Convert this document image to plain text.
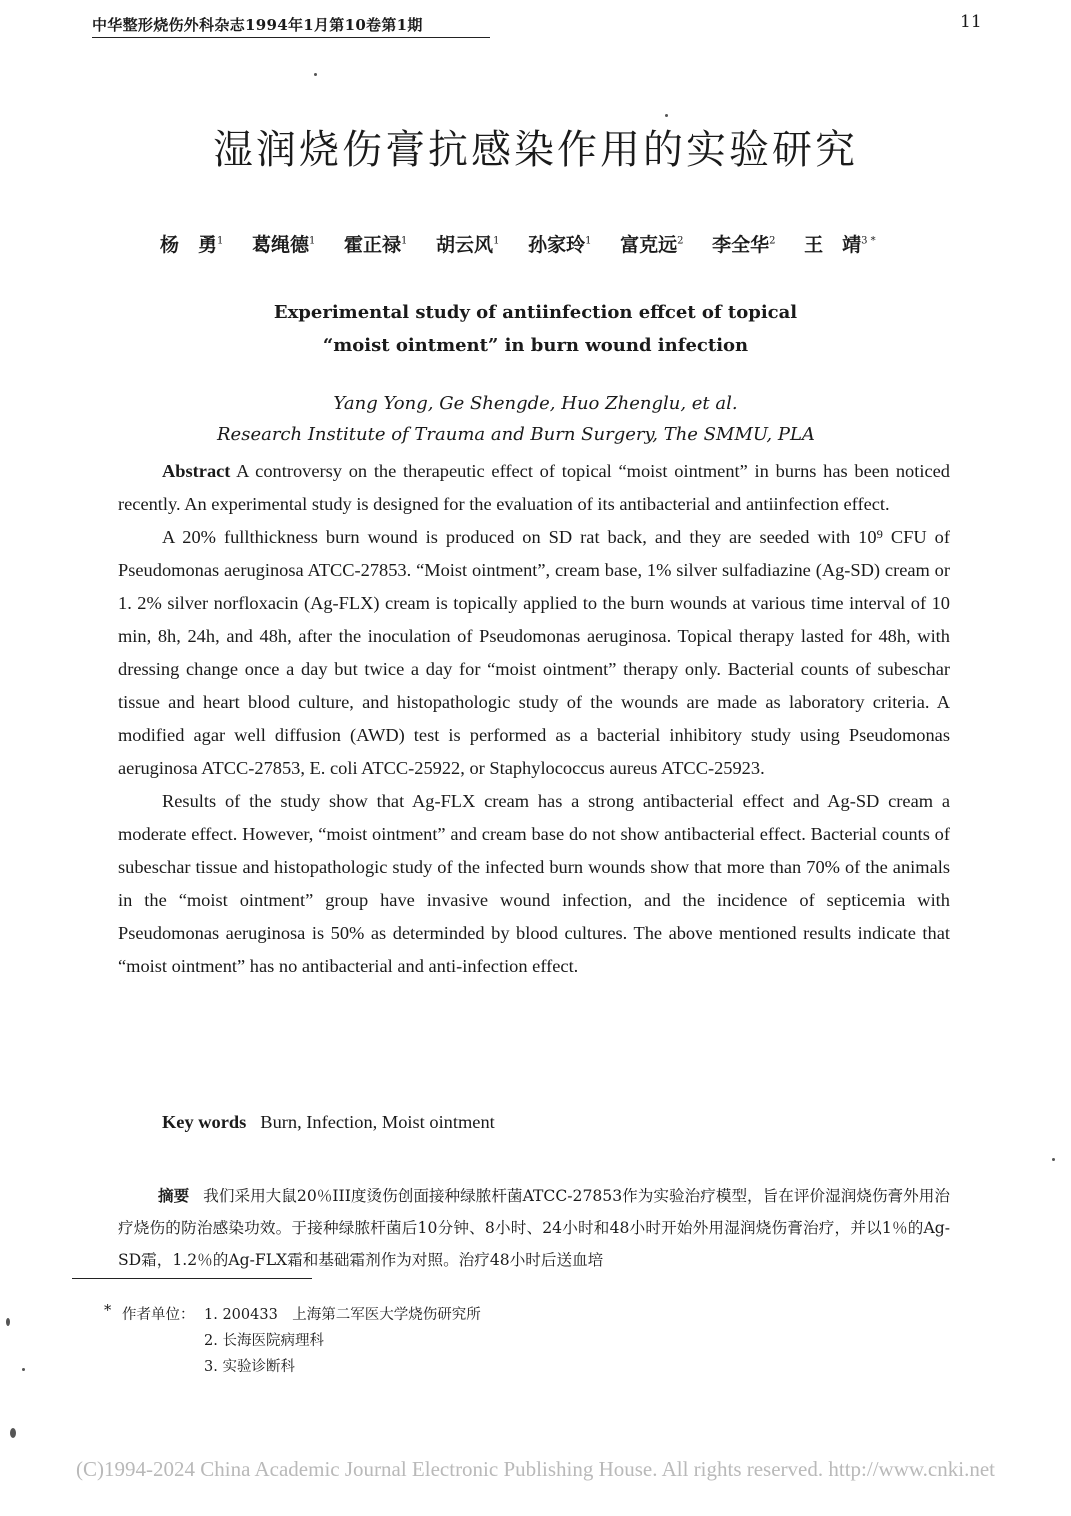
中华整形烧伤外科杂志1994年1月第10卷第1期	11
湿润烧伤膏抗感染作用的实验研究
杨　勇$^1$ 葛绳德$^1$ 霍正禄$^1$ 胡云风$^1$ 孙家玲$^1$ 富克远$^2$ 李全华$^2$ 王　靖$^{3 *}$
Experimental study of antiinfection effcet of topical
“moist ointment” in burn wound infection
Yang Yong, Ge Shengde, Huo Zhenglu, et al.
Research Institute of Trauma and Burn Surgery, The SMMU, PLA

Abstract A controversy on the therapeutic effect of topical “moist ointment” in burns has been noticed recently. An experimental study is designed for the evaluation of its antibacterial and antiinfection effect.

A 20% fullthickness burn wound is produced on SD rat back, and they are seeded with 10⁹ CFU of Pseudomonas aeruginosa ATCC-27853. “Moist ointment”, cream base, 1% silver sulfadiazine (Ag-SD) cream or 1. 2% silver norfloxacin (Ag-FLX) cream is topically applied to the burn wounds at various time interval of 10 min, 8h, 24h, and 48h, after the inoculation of Pseudomonas aeruginosa. Topical therapy lasted for 48h, with dressing change once a day but twice a day for “moist ointment” therapy only. Bacterial counts of subeschar tissue and heart blood culture, and histopathologic study of the wounds are made as laboratory criteria. A modified agar well diffusion (AWD) test is performed as a bacterial inhibitory study using Pseudomonas aeruginosa ATCC-27853, E. coli ATCC-25922, or Staphylococcus aureus ATCC-25923.

Results of the study show that Ag-FLX cream has a strong antibacterial effect and Ag-SD cream a moderate effect. However, “moist ointment” and cream base do not show antibacterial effect. Bacterial counts of subeschar tissue and histopathologic study of the infected burn wounds show that more than 70% of the animals in the “moist ointment” group have invasive wound infection, and the incidence of septicemia with Pseudomonas aeruginosa is 50% as determinded by blood cultures. The above mentioned results indicate that “moist ointment” has no antibacterial and anti-infection effect.

Key words Burn, Infection, Moist ointment

摘要 我们采用大鼠20％III度烫伤创面接种绿脓杆菌ATCC-27853作为实验治疗模型，旨在评价湿润烧伤膏外用治疗烧伤的防治感染功效。于接种绿脓杆菌后10分钟、8小时、24小时和48小时开始外用湿润烧伤膏治疗，并以1％的Ag-SD霜，1.2％的Ag-FLX霜和基础霜剂作为对照。治疗48小时后送血培

* 作者单位： 1. 200433　上海第二军医大学烧伤研究所
2. 长海医院病理科
3. 实验诊断科
(C)1994-2024 China Academic Journal Electronic Publishing House. All rights reserved. http://www.cnki.net
